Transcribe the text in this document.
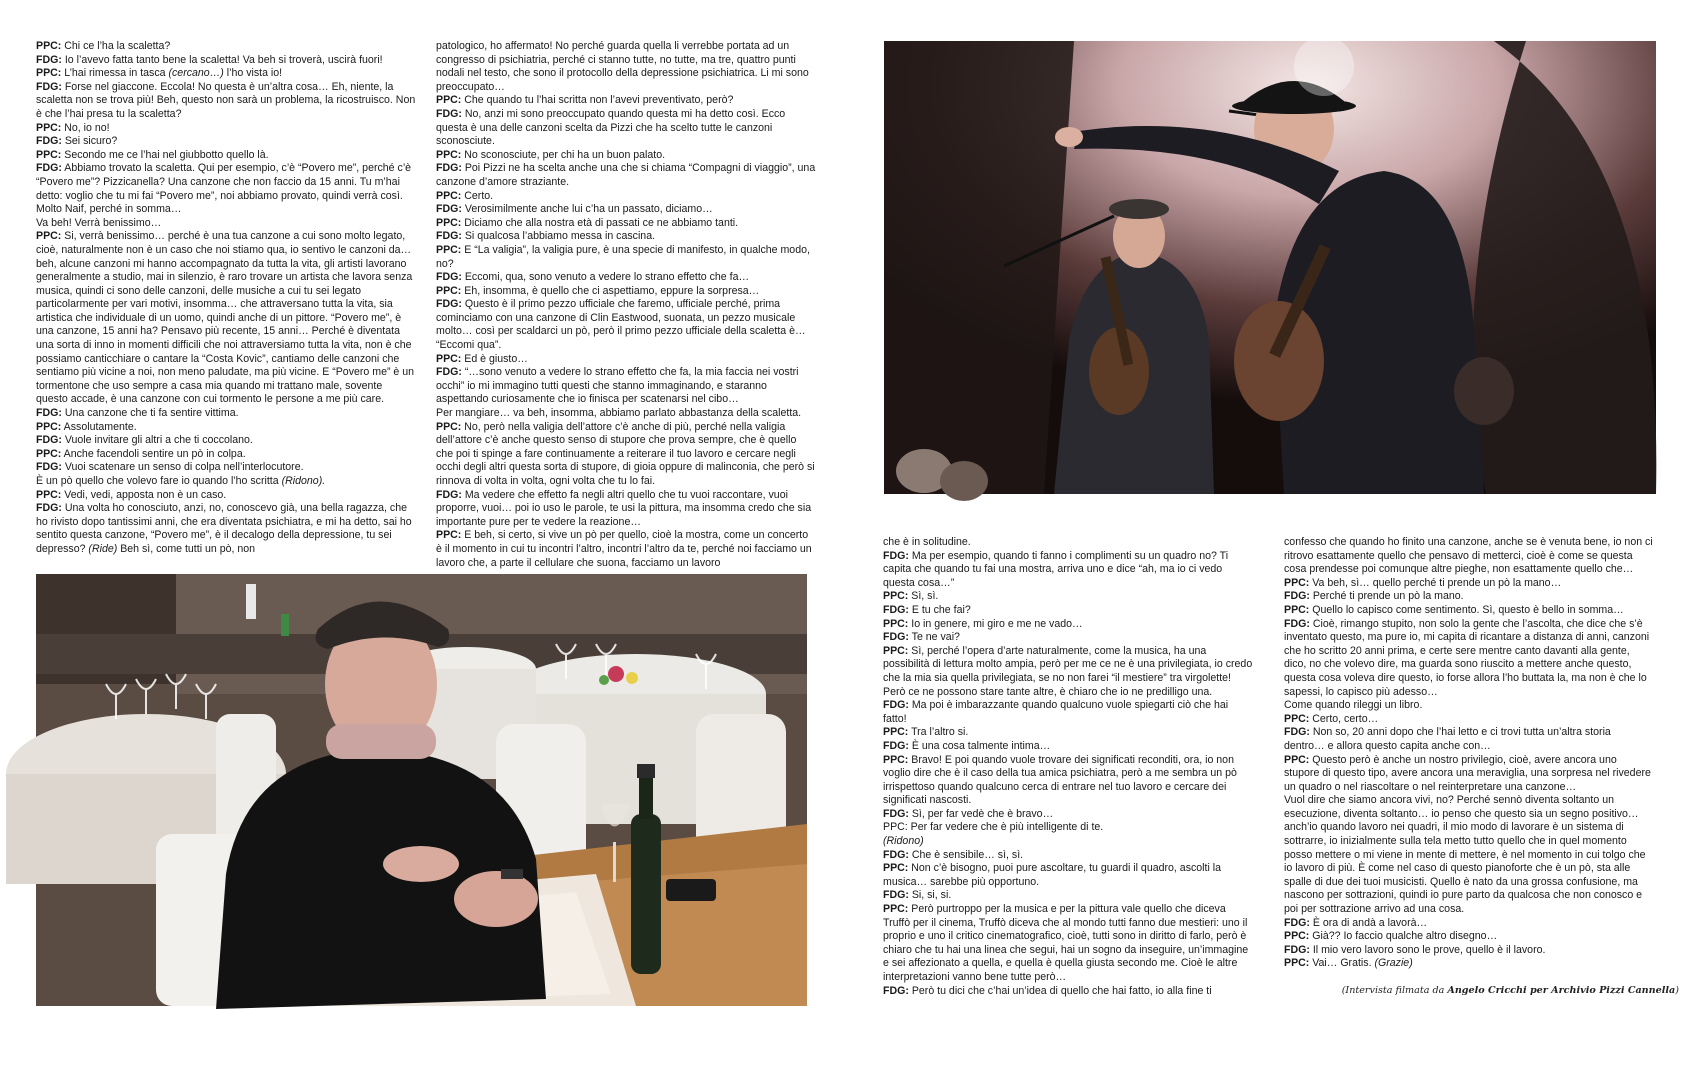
PPC: Chi ce l’ha la scaletta?

FDG: Io l’avevo fatta tanto bene la scaletta! Va beh si troverà, uscirà fuori!

PPC: L’hai rimessa in tasca (cercano…) l’ho vista io!

FDG: Forse nel giaccone. Eccola! No questa è un’altra cosa… Eh, niente, la scaletta non se trova più! Beh, questo non sarà un problema, la ricostruisco. Non è che l’hai presa tu la scaletta?

PPC: No, io no!

FDG: Sei sicuro?

PPC: Secondo me ce l’hai nel giubbotto quello là.

FDG: Abbiamo trovato la scaletta. Qui per esempio, c’è “Povero me”, perché c’è “Povero me”? Pizzicanella? Una canzone che non faccio da 15 anni. Tu m’hai detto: voglio che tu mi fai “Povero me”, noi abbiamo provato, quindi verrà così. Molto Naif, perché in somma…

Va beh! Verrà benissimo…

PPC: Si, verrà benissimo… perché è una tua canzone a cui sono molto legato, cioè, naturalmente non è un caso che noi stiamo qua, io sentivo le canzoni da… beh, alcune canzoni mi hanno accompagnato da tutta la vita, gli artisti lavorano generalmente a studio, mai in silenzio, è raro trovare un artista che lavora senza musica, quindi ci sono delle canzoni, delle musiche a cui tu sei legato particolarmente per vari motivi, insomma… che attraversano tutta la vita, sia artistica che individuale di un uomo, quindi anche di un pittore. “Povero me”, è una canzone, 15 anni ha? Pensavo più recente, 15 anni… Perché è diventata una sorta di inno in momenti difficili che noi attraversiamo tutta la vita, non è che possiamo canticchiare o cantare la “Costa Kovic”, cantiamo delle canzoni che sentiamo più vicine a noi, non meno paludate, ma più vicine. E “Povero me” è un tormentone che uso sempre a casa mia quando mi trattano male, sovente questo accade, è una canzone con cui tormento le persone a me più care.

FDG: Una canzone che ti fa sentire vittima.

PPC: Assolutamente.

FDG: Vuole invitare gli altri a che ti coccolano.

PPC: Anche facendoli sentire un pò in colpa.

FDG: Vuoi scatenare un senso di colpa nell’interlocutore.

È un pò quello che volevo fare io quando l’ho scritta (Ridono).

PPC: Vedi, vedi, apposta non è un caso.

FDG: Una volta ho conosciuto, anzi, no, conoscevo già, una bella ragazza, che ho rivisto dopo tantissimi anni, che era diventata psichiatra, e mi ha detto, sai ho sentito questa canzone, “Povero me”, è il decalogo della depressione, tu sei depresso? (Ride) Beh sì, come tutti un pò, non

patologico, ho affermato! No perché guarda quella li verrebbe portata ad un congresso di psichiatria, perché ci stanno tutte, no tutte, ma tre, quattro punti nodali nel testo, che sono il protocollo della depressione psichiatrica. Li mi sono preoccupato…

PPC: Che quando tu l’hai scritta non l’avevi preventivato, però?

FDG: No, anzi mi sono preoccupato quando questa mi ha detto così. Ecco questa è una delle canzoni scelta da Pizzi che ha scelto tutte le canzoni sconosciute.

PPC: No sconosciute, per chi ha un buon palato.

FDG: Poi Pizzi ne ha scelta anche una che si chiama “Compagni di viaggio”, una canzone d’amore straziante.

PPC: Certo.

FDG: Verosimilmente anche lui c’ha un passato, diciamo…

PPC: Diciamo che alla nostra età di passati ce ne abbiamo tanti.

FDG: Si qualcosa l’abbiamo messa in cascina.

PPC: E “La valigia”, la valigia pure, è una specie di manifesto, in qualche modo, no?

FDG: Eccomi, qua, sono venuto a vedere lo strano effetto che fa…

PPC: Eh, insomma, è quello che ci aspettiamo, eppure la sorpresa…

FDG: Questo è il primo pezzo ufficiale che faremo, ufficiale perché, prima cominciamo con una canzone di Clin Eastwood, suonata, un pezzo musicale molto… così per scaldarci un pò, però il primo pezzo ufficiale della scaletta è… “Eccomi qua”.

PPC: Ed è giusto…

FDG: “…sono venuto a vedere lo strano effetto che fa, la mia faccia nei vostri occhi” io mi immagino tutti questi che stanno immaginando, e staranno aspettando curiosamente che io finisca per scatenarsi nel cibo…

Per mangiare… va beh, insomma, abbiamo parlato abbastanza della scaletta.

PPC: No, però nella valigia dell’attore c’è anche di più, perché nella valigia dell’attore c’è anche questo senso di stupore che prova sempre, che è quello che poi ti spinge a fare continuamente a reiterare il tuo lavoro e cercare negli occhi degli altri questa sorta di stupore, di gioia oppure di malinconia, che però si rinnova di volta in volta, ogni volta che tu lo fai.

FDG: Ma vedere che effetto fa negli altri quello che tu vuoi raccontare, vuoi proporre, vuoi… poi io uso le parole, te usi la pittura, ma insomma credo che sia importante pure per te vedere la reazione…

PPC: E beh, si certo, si vive un pò per quello, cioè la mostra, come un concerto è il momento in cui tu incontri l’altro, incontri l’altro da te, perché noi facciamo un lavoro che, a parte il cellulare che suona, facciamo un lavoro

che è in solitudine.

FDG: Ma per esempio, quando ti fanno i complimenti su un quadro no? Ti capita che quando tu fai una mostra, arriva uno e dice “ah, ma io ci vedo questa cosa…”

PPC: Sì, sì.

FDG: E tu che fai?

PPC: Io in genere, mi giro e me ne vado…

FDG: Te ne vai?

PPC: Sì, perché l’opera d’arte naturalmente, come la musica, ha una possibilità di lettura molto ampia, però per me ce ne è una privilegiata, io credo che la mia sia quella privilegiata, se no non farei “il mestiere” tra virgolette! Però ce ne possono stare tante altre, è chiaro che io ne predilligo una.

FDG: Ma poi è imbarazzante quando qualcuno vuole spiegarti ciò che hai fatto!

PPC: Tra l’altro si.

FDG: È una cosa talmente intima…

PPC: Bravo! E poi quando vuole trovare dei significati reconditi, ora, io non voglio dire che è il caso della tua amica psichiatra, però a me sembra un pò irrispettoso quando qualcuno cerca di entrare nel tuo lavoro e cercare dei significati nascosti.

FDG: Sì, per far vedè che è bravo…

PPC: Per far vedere che è più intelligente di te.

(Ridono)

FDG: Che è sensibile… sì, sì.

PPC: Non c’è bisogno, puoi pure ascoltare, tu guardi il quadro, ascolti la musica… sarebbe più opportuno.

FDG: Si, si, si.

PPC: Però purtroppo per la musica e per la pittura vale quello che diceva Truffò per il cinema, Truffò diceva che al mondo tutti fanno due mestieri: uno il proprio e uno il critico cinematografico, cioè, tutti sono in diritto di farlo, però è chiaro che tu hai una linea che segui, hai un sogno da inseguire, un’immagine e sei affezionato a quella, e quella è quella giusta secondo me. Cioè le altre interpretazioni vanno bene tutte però…

FDG: Però tu dici che c’hai un’idea di quello che hai fatto, io alla fine ti

confesso che quando ho finito una canzone, anche se è venuta bene, io non ci ritrovo esattamente quello che pensavo di metterci, cioè è come se questa cosa prendesse poi comunque altre pieghe, non esattamente quello che…

PPC: Va beh, sì… quello perché ti prende un pò la mano…

FDG: Perché ti prende un pò la mano.

PPC: Quello lo capisco come sentimento. Sì, questo è bello in somma…

FDG: Cioè, rimango stupito, non solo la gente che l’ascolta, che dice che s’è inventato questo, ma pure io, mi capita di ricantare a distanza di anni, canzoni che ho scritto 20 anni prima, e certe sere mentre canto davanti alla gente, dico, no che volevo dire, ma guarda sono riuscito a mettere anche questo, questa cosa voleva dire questo, io forse allora l’ho buttata la, ma non è che lo sapessi, lo capisco più adesso…

Come quando rileggi un libro.

PPC: Certo, certo…

FDG: Non so, 20 anni dopo che l’hai letto e ci trovi tutta un’altra storia dentro… e allora questo capita anche con…

PPC: Questo però è anche un nostro privilegio, cioè, avere ancora uno stupore di questo tipo, avere ancora una meraviglia, una sorpresa nel rivedere un quadro o nel riascoltare o nel reinterpretare una canzone…

Vuol dire che siamo ancora vivi, no? Perché sennò diventa soltanto un esecuzione, diventa soltanto… io penso che questo sia un segno positivo… anch’io quando lavoro nei quadri, il mio modo di lavorare è un sistema di sottrarre, io inizialmente sulla tela metto tutto quello che in quel momento posso mettere o mi viene in mente di mettere, è nel momento in cui tolgo che io lavoro di più. È come nel caso di questo pianoforte che è un pò, sta alle spalle di due dei tuoi musicisti. Quello è nato da una grossa confusione, ma nascono per sottrazioni, quindi io pure parto da qualcosa che non conosco e poi per sottrazione arrivo ad una cosa.

FDG: È ora di andà a lavorà…

PPC: Già?? Io faccio qualche altro disegno…

FDG: Il mio vero lavoro sono le prove, quello è il lavoro.

PPC: Vai… Gratis. (Grazie)

(Intervista filmata da Angelo Cricchi per Archivio Pizzi Cannella)
